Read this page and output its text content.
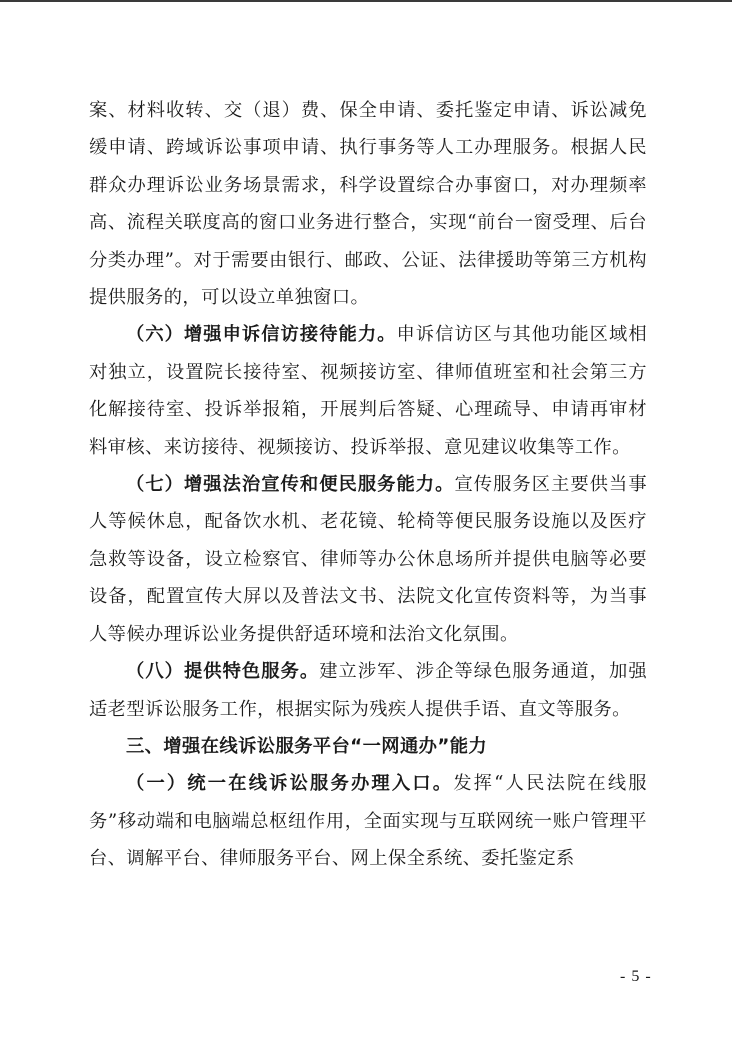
案、材料收转、交（退）费、保全申请、委托鉴定申请、诉讼减免缓申请、跨域诉讼事项申请、执行事务等人工办理服务。根据人民群众办理诉讼业务场景需求，科学设置综合办事窗口，对办理频率高、流程关联度高的窗口业务进行整合，实现“前台一窗受理、后台分类办理”。对于需要由银行、邮政、公证、法律援助等第三方机构提供服务的，可以设立单独窗口。

（六）增强申诉信访接待能力。申诉信访区与其他功能区域相对独立，设置院长接待室、视频接访室、律师值班室和社会第三方化解接待室、投诉举报箱，开展判后答疑、心理疏导、申请再审材料审核、来访接待、视频接访、投诉举报、意见建议收集等工作。

（七）增强法治宣传和便民服务能力。宣传服务区主要供当事人等候休息，配备饮水机、老花镜、轮椅等便民服务设施以及医疗急救等设备，设立检察官、律师等办公休息场所并提供电脑等必要设备，配置宣传大屏以及普法文书、法院文化宣传资料等，为当事人等候办理诉讼业务提供舒适环境和法治文化氛围。

（八）提供特色服务。建立涉军、涉企等绿色服务通道，加强适老型诉讼服务工作，根据实际为残疾人提供手语、直文等服务。

三、增强在线诉讼服务平台“一网通办”能力

（一）统一在线诉讼服务办理入口。发挥“人民法院在线服务”移动端和电脑端总枢纽作用，全面实现与互联网统一账户管理平台、调解平台、律师服务平台、网上保全系统、委托鉴定系

- 5 -
